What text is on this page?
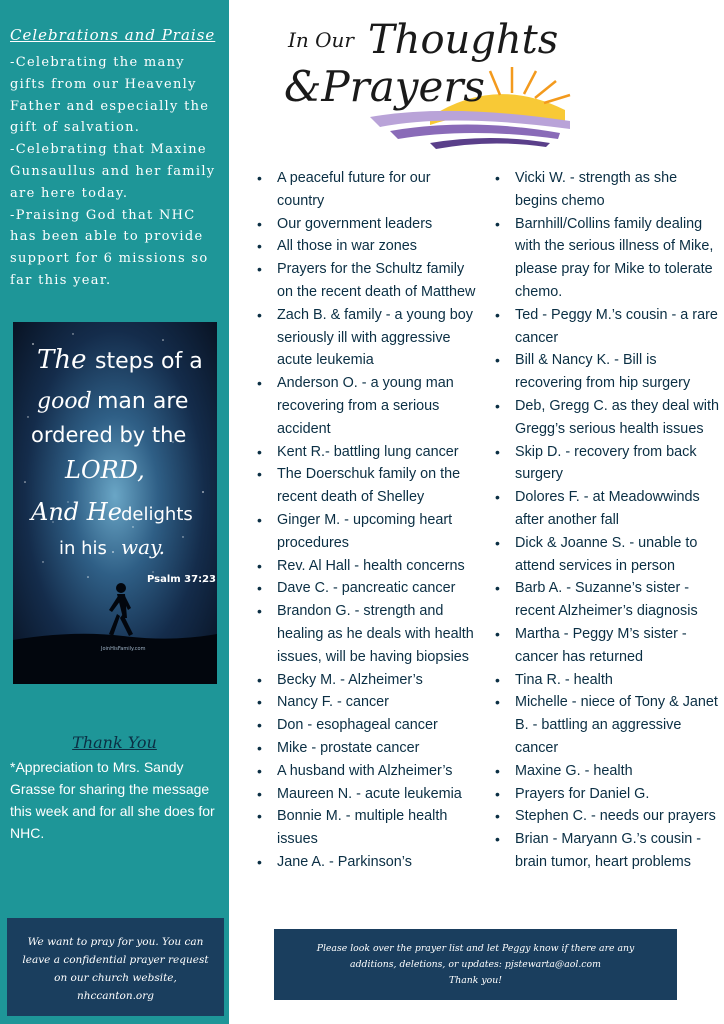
Celebrations and Praise
-Celebrating the many gifts from our Heavenly Father and especially the gift of salvation.
-Celebrating that Maxine Gunsaullus and her family are here today.
-Praising God that NHC has been able to provide support for 6 missions so far this year.
The steps of a
good man are
ordered by the
LORD,
And He delights
in his way.
Psalm 37:23
JoinHisFamily.com
Thank You
*Appreciation to Mrs. Sandy Grasse for sharing the message this week and for all she does for NHC.
We want to pray for you. You can leave a confidential prayer request on our church website, nhccanton.org
In Our Thoughts
&Prayers
• A peaceful future for our country
• Our government leaders
• All those in war zones
• Prayers for the Schultz family on the recent death of Matthew
• Zach B. & family - a young boy seriously ill with aggressive acute leukemia
• Anderson O. - a young man recovering from a serious accident
• Kent R.- battling lung cancer
• The Doerschuk family on the recent death of Shelley
• Ginger M. - upcoming heart procedures
• Rev. Al Hall - health concerns
• Dave C. - pancreatic cancer
• Brandon G. - strength and healing as he deals with health issues, will be having biopsies
• Becky M. - Alzheimer’s
• Nancy F. - cancer
• Don - esophageal cancer
• Mike - prostate cancer
• A husband with Alzheimer’s
• Maureen N. - acute leukemia
• Bonnie M. - multiple health issues
• Jane A. - Parkinson’s
• Vicki W. - strength as she begins chemo
• Barnhill/Collins family dealing with the serious illness of Mike, please pray for Mike to tolerate chemo.
• Ted - Peggy M.’s cousin - a rare cancer
• Bill & Nancy K. - Bill is recovering from hip surgery
• Deb, Gregg C. as they deal with Gregg’s serious health issues
• Skip D. - recovery from back surgery
• Dolores F. - at Meadowwinds after another fall
• Dick & Joanne S. - unable to attend services in person
• Barb A. - Suzanne’s sister - recent Alzheimer’s diagnosis
• Martha - Peggy M’s sister - cancer has returned
• Tina R. - health
• Michelle - niece of Tony & Janet B. - battling an aggressive cancer
• Maxine G. - health
• Prayers for Daniel G.
• Stephen C. - needs our prayers
• Brian - Maryann G.’s cousin - brain tumor, heart problems
Please look over the prayer list and let Peggy know if there are any
additions, deletions, or updates: pjstewarta@aol.com
Thank you!
